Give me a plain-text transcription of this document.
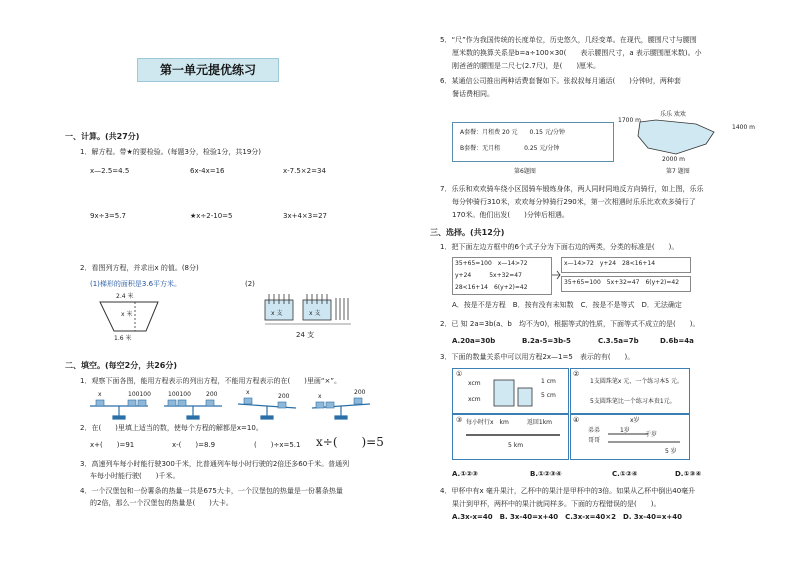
第一单元提优练习
一、计算。(共27分)
1．解方程。带★的要检验。(每题3分，检验1分，共19分)
x—2.5=4.5	6x-4x=16	x-7.5×2=34
9x÷3=5.7	★x÷2-10=5	3x+4×3=27
2．看图列方程，并求出x 的值。(8分)
(1)梯形的面积是3.6平方米。	(2)
2.4 米
x 米
1.6 米
x 支	x 支
24 支
二、填空。(每空2分，共26分)
1．观察下面各图，能用方程表示的列出方程，不能用方程表示的在(　　)里画“×”。
x	100100	100100	200	x
200	x
200
2．在(　　)里填上适当的数，使每个方程的解都是x=10。
x+(　　)=91	x-(　　)=8.9	(　　)÷x=5.1 x÷(　　)=5
3．高速列车每小时能行驶300千米，比普通列车每小时行驶的2倍还多60千米。普通列
车每小时能行驶(　　)千米。
4．一个汉堡包和一份薯条的热量一共是675大卡，一个汉堡包的热量是一份薯条热量
的2倍，那么一个汉堡包的热量是(　　)大卡。
5．“尺”作为我国传统的长度单位，历史悠久，几经变革。在现代，腰围尺寸与腰围
厘米数的换算关系是b=a÷100×30(　　表示腰围尺寸，a 表示腰围厘米数)。小
刚爸爸的腰围是二尺七(2.7尺)，是(　　)厘米。
6．某通信公司推出两种话费套餐如下。张叔叔每月通话(　　)分钟时，两种套
餐话费相同。
A套餐：月租费 20 元　　0.15 元/分钟
B套餐：无月租　　　　0.25 元/分钟
第6题图
乐乐 欢欢
1700 m
1400 m
2000 m
第7 题图
7．乐乐和欢欢骑车绕小区园骑车锻炼身体，两人同时同地反方向骑行，如上图，乐乐
每分钟骑行310米，欢欢每分钟骑行290米，第一次相遇时乐乐比欢欢多骑行了
170米。他们出发(　　)分钟后相遇。
三、选择。(共12分)
1．把下面左边方框中的6个式子分为下面右边的两类，分类的标准是(　　)。
35+65=100　x—14>72
y+24　　　5x+32=47
28<16+14　6(y+2)=42
x—14>72　y+24　28<16+14
35+65=100　5x+32=47　6(y+2)=42
A．按是不是方程　B．按有没有未知数　C．按是不是等式　D．无法确定
2．已 知 2a=3b(a、b　均不为0)，根据等式的性质，下面等式不成立的是(　　)。
A.20a=30b	B.2a-5=3b-5	C.3.5a=7b	D.6b=4a
3．下面的数量关系中可以用方程2x—1=5　表示的有(　　)。
①
xcm
xcm
1 cm
5 cm
②
1支圆珠笔x 元，一个练习本5 元。
5支圆珠笔比一个练习本贵1元。
③ 每小时行x　km　　　返回1km
5 km
④	x岁
弟弟
哥哥
1岁
于岁
5 岁
A.①②③	B.①②③④	C.①②④	D.①③④
4．甲杯中有x 毫升果汁，乙杯中的果汁是甲杯中的3倍。如果从乙杯中倒出40毫升
果汁到甲杯，两杯中的果汁就同样多。下面的方程错误的是(　　)。
A.3x-x=40　B. 3x-40=x+40　C.3x-x=40×2　D. 3x-40=x+40
